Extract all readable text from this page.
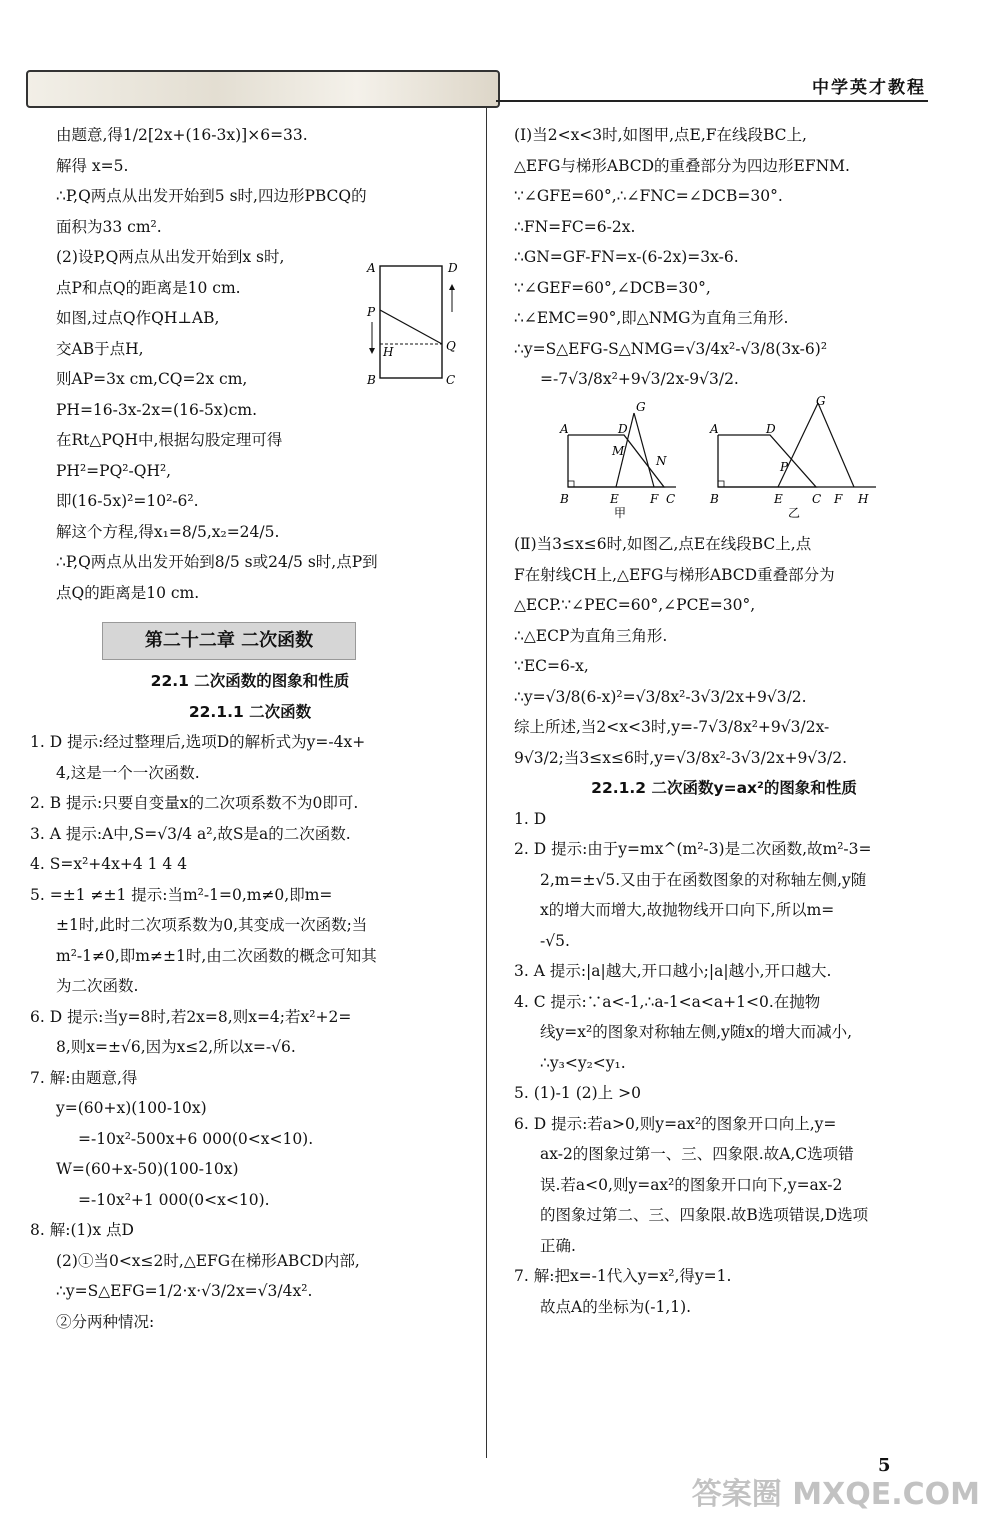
中学英才教程
A	D
P
H	Q
B	C
由题意,得1/2[2x+(16-3x)]×6=33.
解得 x=5.
∴P,Q两点从出发开始到5 s时,四边形PBCQ的
面积为33 cm².
(2)设P,Q两点从出发开始到x s时,
点P和点Q的距离是10 cm.
如图,过点Q作QH⊥AB,
交AB于点H,
则AP=3x cm,CQ=2x cm,
PH=16-3x-2x=(16-5x)cm.
在Rt△PQH中,根据勾股定理可得
PH²=PQ²-QH²,
即(16-5x)²=10²-6².
解这个方程,得x₁=8/5,x₂=24/5.
∴P,Q两点从出发开始到8/5 s或24/5 s时,点P到
点Q的距离是10 cm.
第二十二章 二次函数
22.1 二次函数的图象和性质
22.1.1 二次函数
1. D 提示:经过整理后,选项D的解析式为y=-4x+
4,这是一个一次函数.
2. B 提示:只要自变量x的二次项系数不为0即可.
3. A 提示:A中,S=√3/4 a²,故S是a的二次函数.
4. S=x²+4x+4 1 4 4
5. =±1 ≠±1 提示:当m²-1=0,m≠0,即m=
±1时,此时二次项系数为0,其变成一次函数;当
m²-1≠0,即m≠±1时,由二次函数的概念可知其
为二次函数.
6. D 提示:当y=8时,若2x=8,则x=4;若x²+2=
8,则x=±√6,因为x≤2,所以x=-√6.
7. 解:由题意,得
y=(60+x)(100-10x)
=-10x²-500x+6 000(0<x<10).
W=(60+x-50)(100-10x)
=-10x²+1 000(0<x<10).
8. 解:(1)x 点D
(2)①当0<x≤2时,△EFG在梯形ABCD内部,
∴y=S△EFG=1/2·x·√3/2x=√3/4x².
②分两种情况:
(Ⅰ)当2<x<3时,如图甲,点E,F在线段BC上,
△EFG与梯形ABCD的重叠部分为四边形EFNM.
∵∠GFE=60°,∴∠FNC=∠DCB=30°.
∴FN=FC=6-2x.
∴GN=GF-FN=x-(6-2x)=3x-6.
∵∠GEF=60°,∠DCB=30°,
∴∠EMC=90°,即△NMG为直角三角形.
∴y=S△EFG-S△NMG=√3/4x²-√3/8(3x-6)²
=-7√3/8x²+9√3/2x-9√3/2.
A	D
G
M
N
B	E	F C
甲
A	D
G
P
B	E C F H
乙
(Ⅱ)当3≤x≤6时,如图乙,点E在线段BC上,点
F在射线CH上,△EFG与梯形ABCD重叠部分为
△ECP.∵∠PEC=60°,∠PCE=30°,
∴△ECP为直角三角形.
∵EC=6-x,
∴y=√3/8(6-x)²=√3/8x²-3√3/2x+9√3/2.
综上所述,当2<x<3时,y=-7√3/8x²+9√3/2x-
9√3/2;当3≤x≤6时,y=√3/8x²-3√3/2x+9√3/2.
22.1.2 二次函数y=ax²的图象和性质
1. D
2. D 提示:由于y=mx^(m²-3)是二次函数,故m²-3=
2,m=±√5.又由于在函数图象的对称轴左侧,y随
x的增大而增大,故抛物线开口向下,所以m=
-√5.
3. A 提示:|a|越大,开口越小;|a|越小,开口越大.
4. C 提示:∵a<-1,∴a-1<a<a+1<0.在抛物
线y=x²的图象对称轴左侧,y随x的增大而减小,
∴y₃<y₂<y₁.
5. (1)-1 (2)上 >0
6. D 提示:若a>0,则y=ax²的图象开口向上,y=
ax-2的图象过第一、三、四象限.故A,C选项错
误.若a<0,则y=ax²的图象开口向下,y=ax-2
的图象过第二、三、四象限.故B选项错误,D选项
正确.
7. 解:把x=-1代入y=x²,得y=1.
故点A的坐标为(-1,1).
5
答案圈 MXQE.COM
